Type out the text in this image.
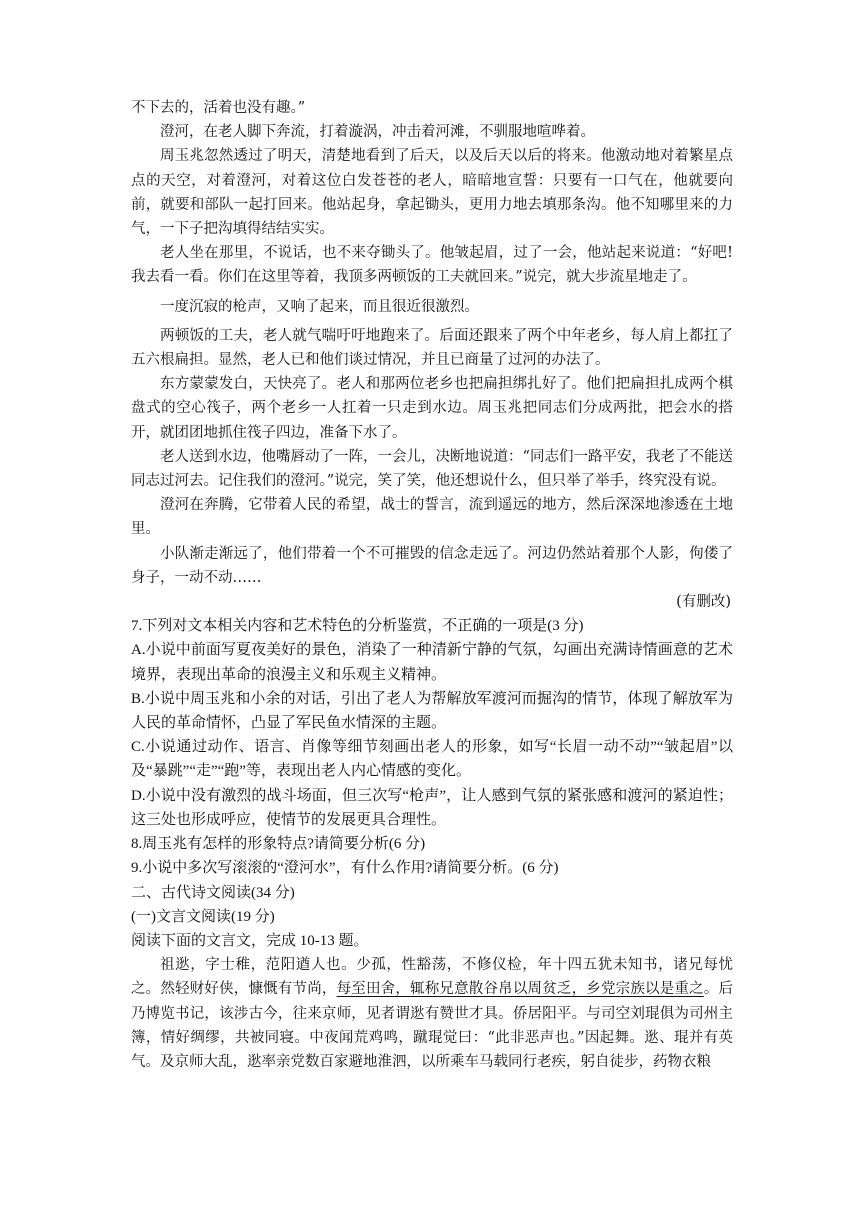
不下去的，活着也没有趣。”

澄河，在老人脚下奔流，打着漩涡，冲击着河滩，不驯服地喧哗着。

周玉兆忽然透过了明天，清楚地看到了后天，以及后天以后的将来。他激动地对着繁星点点的天空，对着澄河，对着这位白发苍苍的老人，暗暗地宣誓：只要有一口气在，他就要向前，就要和部队一起打回来。他站起身，拿起锄头，更用力地去填那条沟。他不知哪里来的力气，一下子把沟填得结结实实。

老人坐在那里，不说话，也不来夺锄头了。他皱起眉，过了一会，他站起来说道：“好吧!我去看一看。你们在这里等着，我顶多两顿饭的工夫就回来。”说完，就大步流星地走了。

一度沉寂的枪声，又响了起来，而且很近很激烈。

两顿饭的工夫，老人就气喘吁吁地跑来了。后面还跟来了两个中年老乡，每人肩上都扛了五六根扁担。显然，老人已和他们谈过情况，并且已商量了过河的办法了。

东方蒙蒙发白，天快亮了。老人和那两位老乡也把扁担绑扎好了。他们把扁担扎成两个棋盘式的空心筏子，两个老乡一人扛着一只走到水边。周玉兆把同志们分成两批，把会水的搭开，就团团地抓住筏子四边，准备下水了。

老人送到水边，他嘴唇动了一阵，一会儿，决断地说道：“同志们一路平安，我老了不能送同志过河去。记住我们的澄河。”说完，笑了笑，他还想说什么，但只举了举手，终究没有说。

澄河在奔腾，它带着人民的希望，战士的誓言，流到遥远的地方，然后深深地渗透在土地里。

小队渐走渐远了，他们带着一个不可摧毁的信念走远了。河边仍然站着那个人影，佝偻了身子，一动不动……

(有删改)

7.下列对文本相关内容和艺术特色的分析鉴赏，不正确的一项是(3 分)

A.小说中前面写夏夜美好的景色，消染了一种清新宁静的气氛，勾画出充满诗情画意的艺术境界，表现出革命的浪漫主义和乐观主义精神。

B.小说中周玉兆和小余的对话，引出了老人为帮解放军渡河而掘沟的情节，体现了解放军为人民的革命情怀，凸显了军民鱼水情深的主题。

C.小说通过动作、语言、肖像等细节刻画出老人的形象，如写“长眉一动不动”“皱起眉”以及“暴跳”“走”“跑”等，表现出老人内心情感的变化。

D.小说中没有激烈的战斗场面，但三次写“枪声”，让人感到气氛的紧张感和渡河的紧迫性；这三处也形成呼应，使情节的发展更具合理性。

8.周玉兆有怎样的形象特点?请简要分析(6 分)

9.小说中多次写滚滚的“澄河水”，有什么作用?请简要分析。(6 分)

二、古代诗文阅读(34 分)

(一)文言文阅读(19 分)

阅读下面的文言文，完成 10-13 题。

祖逖，字士稚，范阳遒人也。少孤，性豁荡，不修仪检，年十四五犹未知书，诸兄每忧之。然轻财好侠，慷慨有节尚，每至田舍，辄称兄意散谷帛以周贫乏，乡党宗族以是重之。后乃博览书记，该涉古今，往来京师，见者谓逖有赞世才具。侨居阳平。与司空刘琨俱为司州主簿，情好绸缪，共被同寝。中夜闻荒鸡鸣，蹴琨觉曰：“此非恶声也。”因起舞。逖、琨并有英气。及京师大乱，逖率亲党数百家避地淮泗，以所乘车马载同行老疾，躬自徒步，药物衣粮
